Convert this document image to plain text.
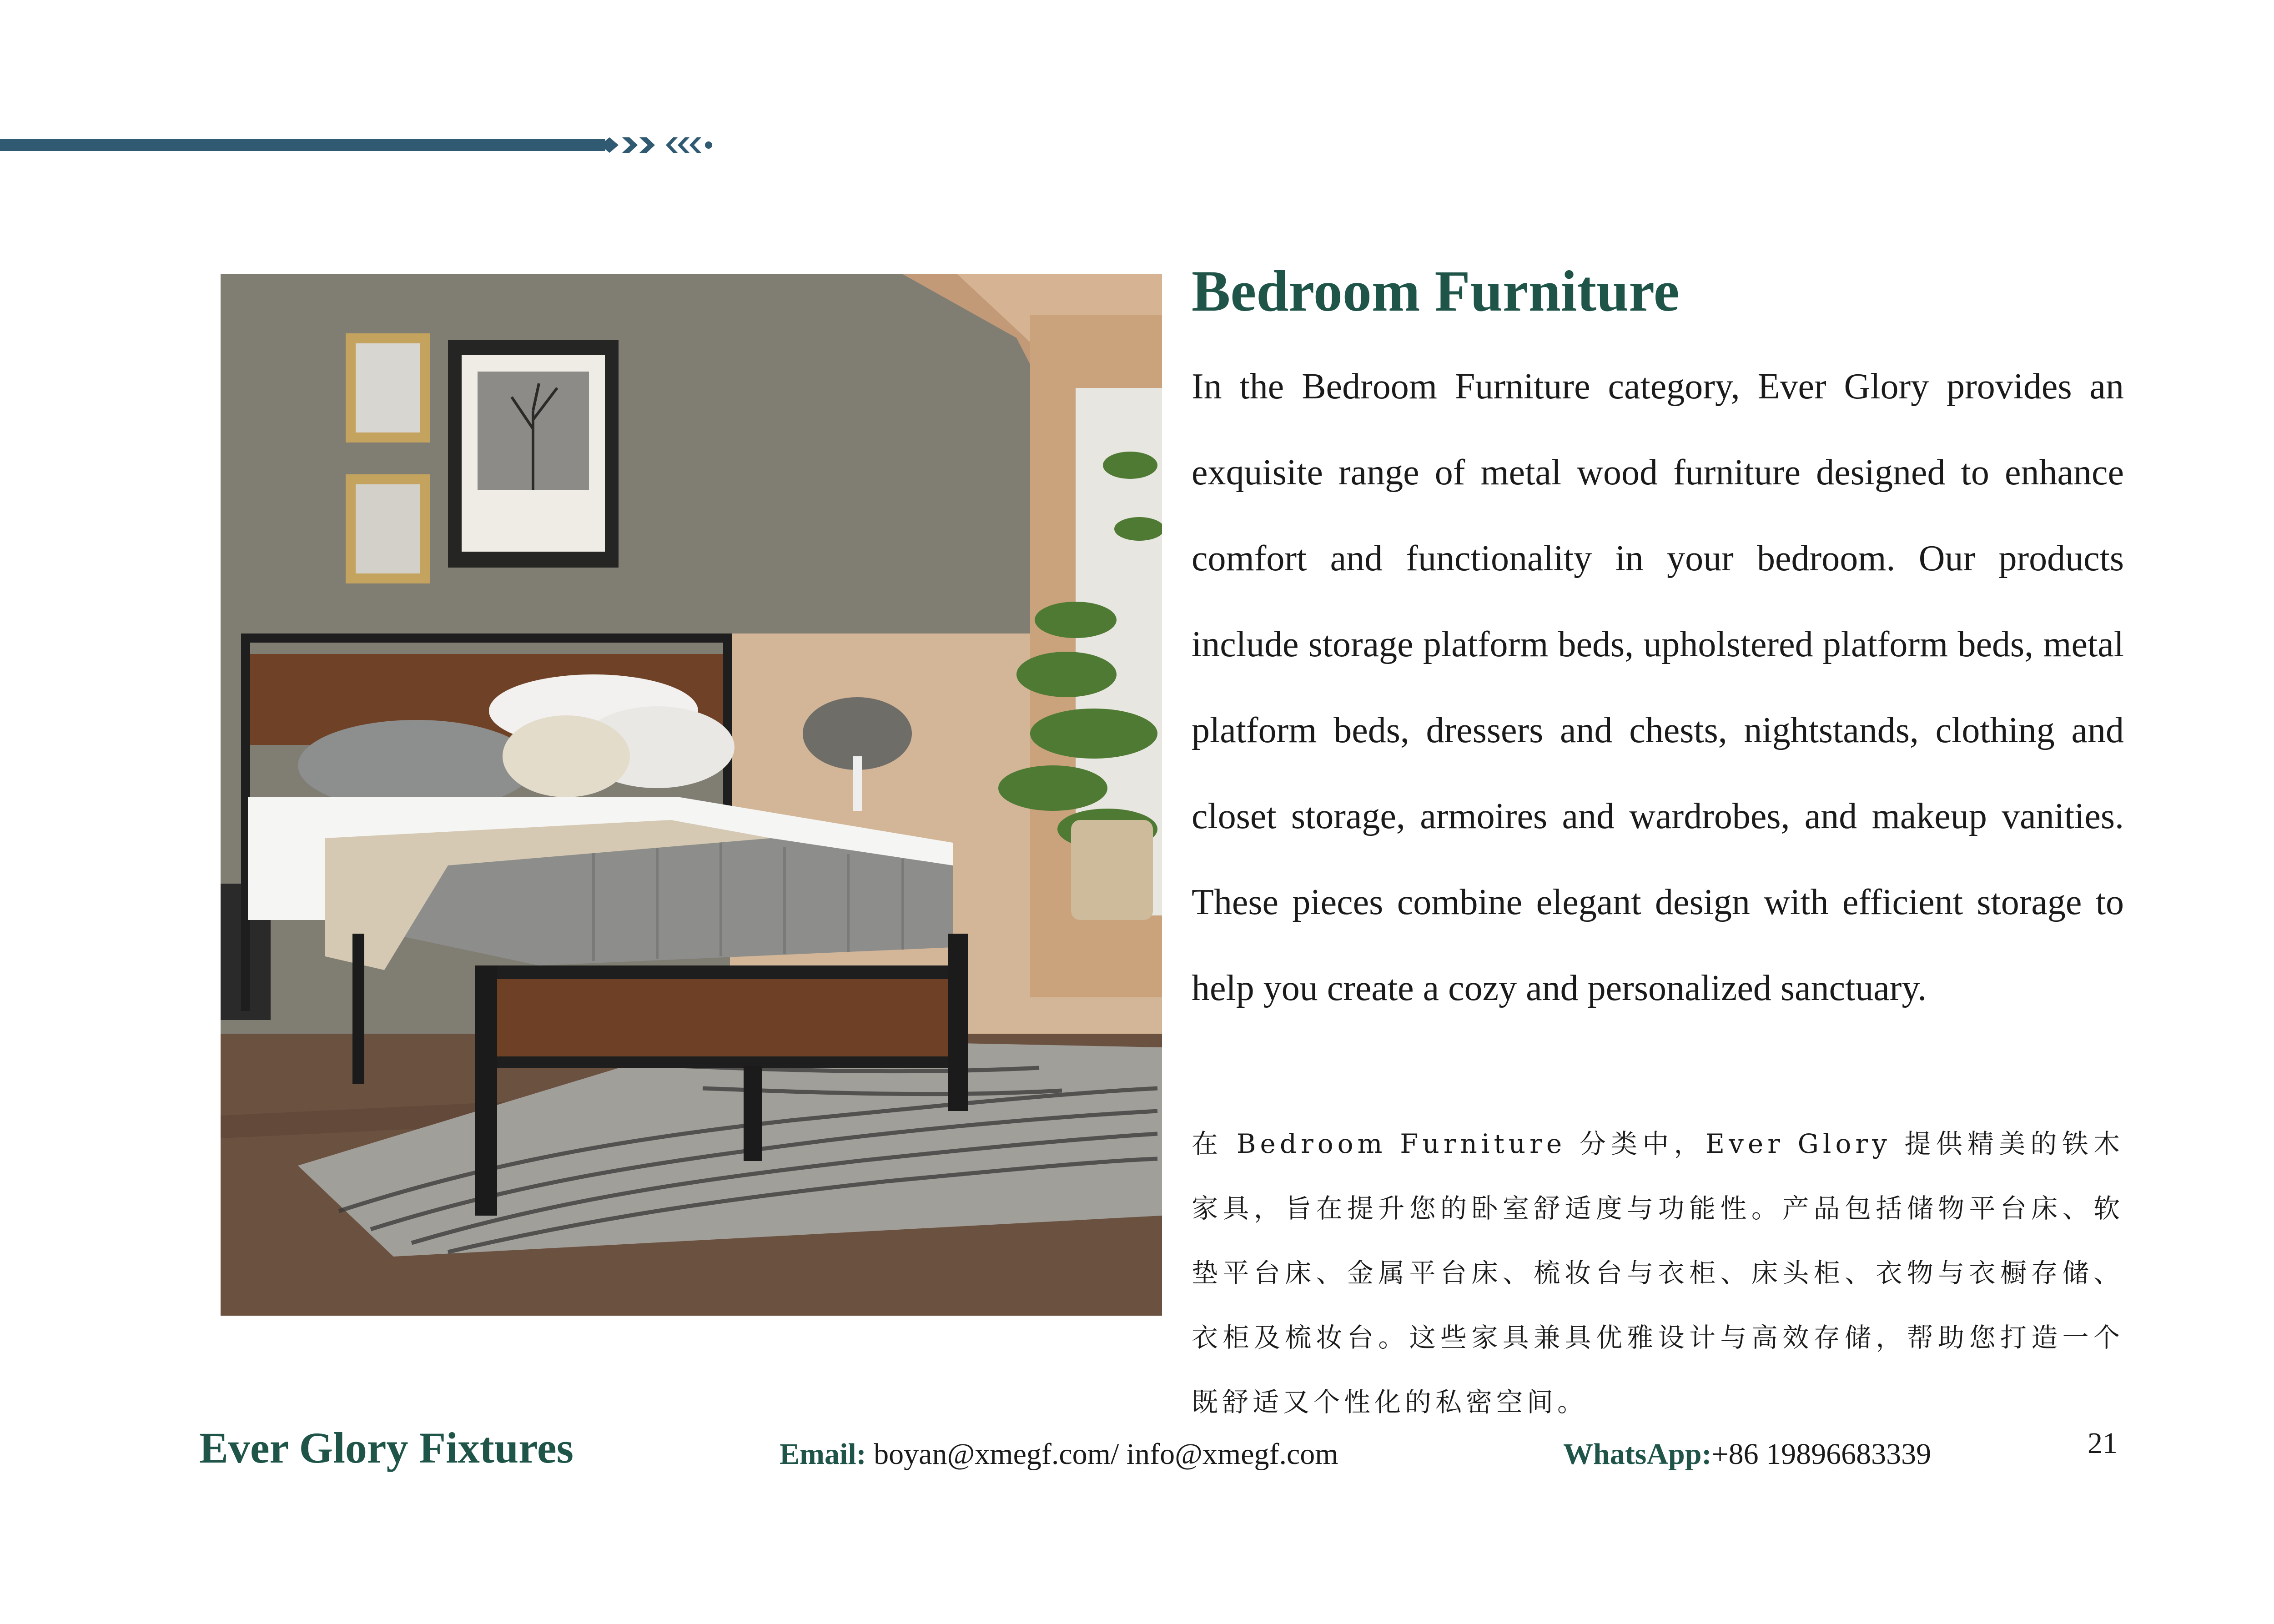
Bedroom Furniture

In the Bedroom Furniture category, Ever Glory provides an exquisite range of metal wood furniture designed to enhance comfort and functionality in your bedroom. Our products include storage platform beds, upholstered platform beds, metal platform beds, dressers and chests, nightstands, clothing and closet storage, armoires and wardrobes, and makeup vanities. These pieces combine elegant design with efficient storage to help you create a cozy and personalized sanctuary.

在 Bedroom Furniture 分类中，Ever Glory 提供精美的铁木家具，旨在提升您的卧室舒适度与功能性。产品包括储物平台床、软垫平台床、金属平台床、梳妆台与衣柜、床头柜、衣物与衣橱存储、衣柜及梳妆台。这些家具兼具优雅设计与高效存储，帮助您打造一个既舒适又个性化的私密空间。

Ever Glory Fixtures	Email: boyan@xmegf.com/ info@xmegf.com	WhatsApp:+86 19896683339	21
